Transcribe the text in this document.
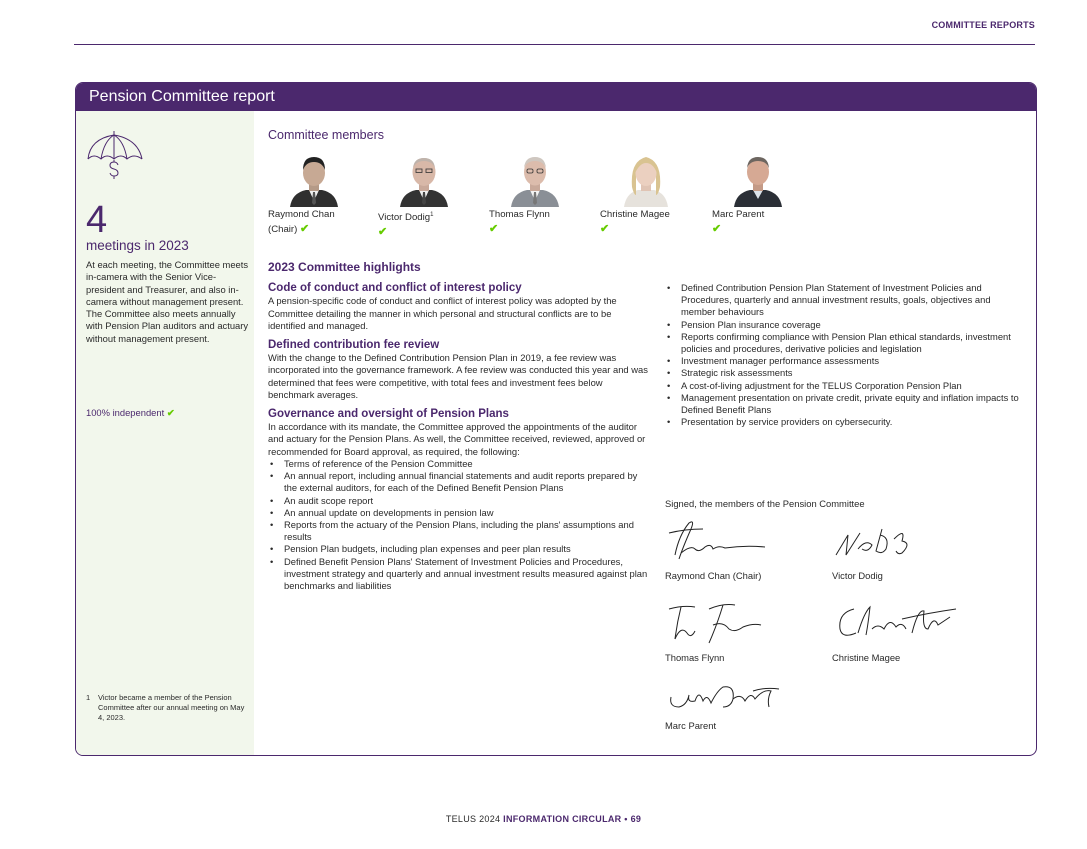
COMMITTEE REPORTS
Pension Committee report
4
meetings in 2023
At each meeting, the Committee meets in-camera with the Senior Vice-president and Treasurer, and also in-camera without management present. The Committee also meets annually with Pension Plan auditors and actuary without management present.
100% independent ✔
1	Victor became a member of the Pension Committee after our annual meeting on May 4, 2023.
Committee members
Raymond Chan
(Chair) ✔
Victor Dodig$^1$
✔
Thomas Flynn
✔
Christine Magee
✔
Marc Parent
✔
2023 Committee highlights
Code of conduct and conflict of interest policy
A pension-specific code of conduct and conflict of interest policy was adopted by the Committee detailing the manner in which personal and structural conflicts are to be identified and managed.
Defined contribution fee review
With the change to the Defined Contribution Pension Plan in 2019, a fee review was incorporated into the governance framework. A fee review was conducted this year and was determined that fees were competitive, with total fees and investment fees below benchmark averages.
Governance and oversight of Pension Plans
In accordance with its mandate, the Committee approved the appointments of the auditor and actuary for the Pension Plans. As well, the Committee received, reviewed, approved or recommended for Board approval, as required, the following:
• Terms of reference of the Pension Committee
• An annual report, including annual financial statements and audit reports prepared by the external auditors, for each of the Defined Benefit Pension Plans
• An audit scope report
• An annual update on developments in pension law
• Reports from the actuary of the Pension Plans, including the plans' assumptions and results
• Pension Plan budgets, including plan expenses and peer plan results
• Defined Benefit Pension Plans' Statement of Investment Policies and Procedures, investment strategy and quarterly and annual investment results measured against plan benchmarks and liabilities
• Defined Contribution Pension Plan Statement of Investment Policies and Procedures, quarterly and annual investment results, goals, objectives and member behaviours
• Pension Plan insurance coverage
• Reports confirming compliance with Pension Plan ethical standards, investment policies and procedures, derivative policies and legislation
• Investment manager performance assessments
• Strategic risk assessments
• A cost-of-living adjustment for the TELUS Corporation Pension Plan
• Management presentation on private credit, private equity and inflation impacts to Defined Benefit Plans
• Presentation by service providers on cybersecurity.
Signed, the members of the Pension Committee
Raymond Chan (Chair)	Victor Dodig
Thomas Flynn	Christine Magee
Marc Parent
TELUS 2024 INFORMATION CIRCULAR • 69
